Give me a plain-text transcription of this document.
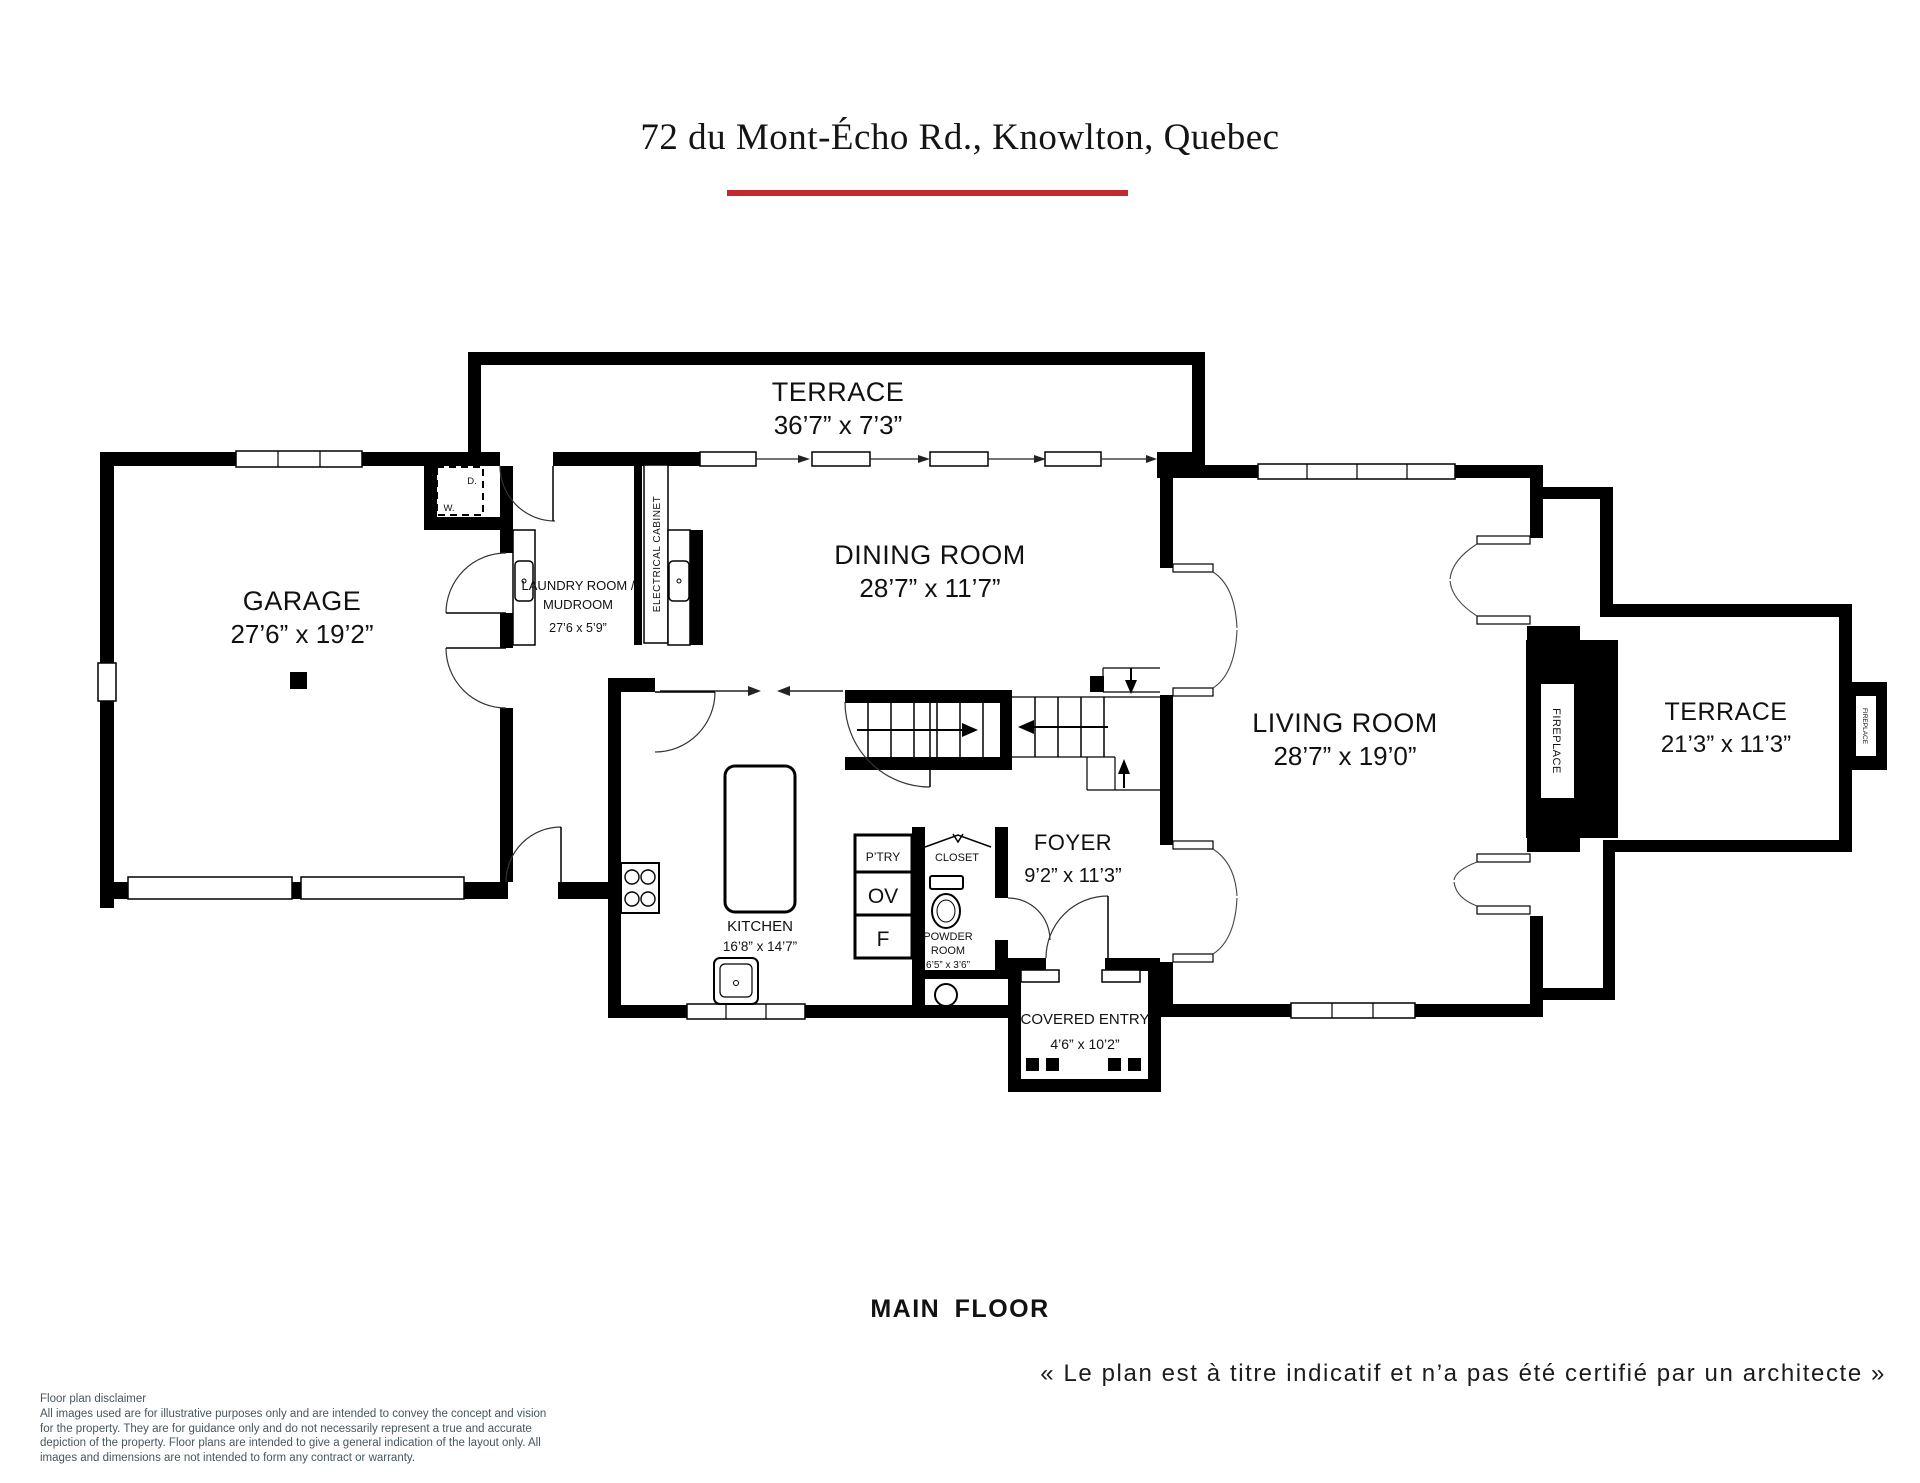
72 du Mont-Écho Rd., Knowlton, Quebec
TERRACE
36’7” x 7’3”
D.
W.
GARAGE
27’6” x 19’2”
ELECTRICAL CABINET
LAUNDRY ROOM /
MUDROOM
27’6 x 5’9”
DINING ROOM
28’7” x 11’7”
KITCHEN
16’8” x 14’7”
P’TRY
OV
F
CLOSET
POWDER
ROOM
6’5” x 3’6”
FOYER
9’2” x 11’3”
FIREPLACE
LIVING ROOM
28’7” x 19’0”
FIREPLACE
TERRACE
21’3” x 11’3”
COVERED ENTRY
4’6” x 10’2”
MAIN FLOOR
« Le plan est à titre indicatif et n’a pas été certifié par un architecte »
Floor plan disclaimer
All images used are for illustrative purposes only and are intended to convey the concept and vision
for the property. They are for guidance only and do not necessarily represent a true and accurate
depiction of the property. Floor plans are intended to give a general indication of the layout only. All
images and dimensions are not intended to form any contract or warranty.
